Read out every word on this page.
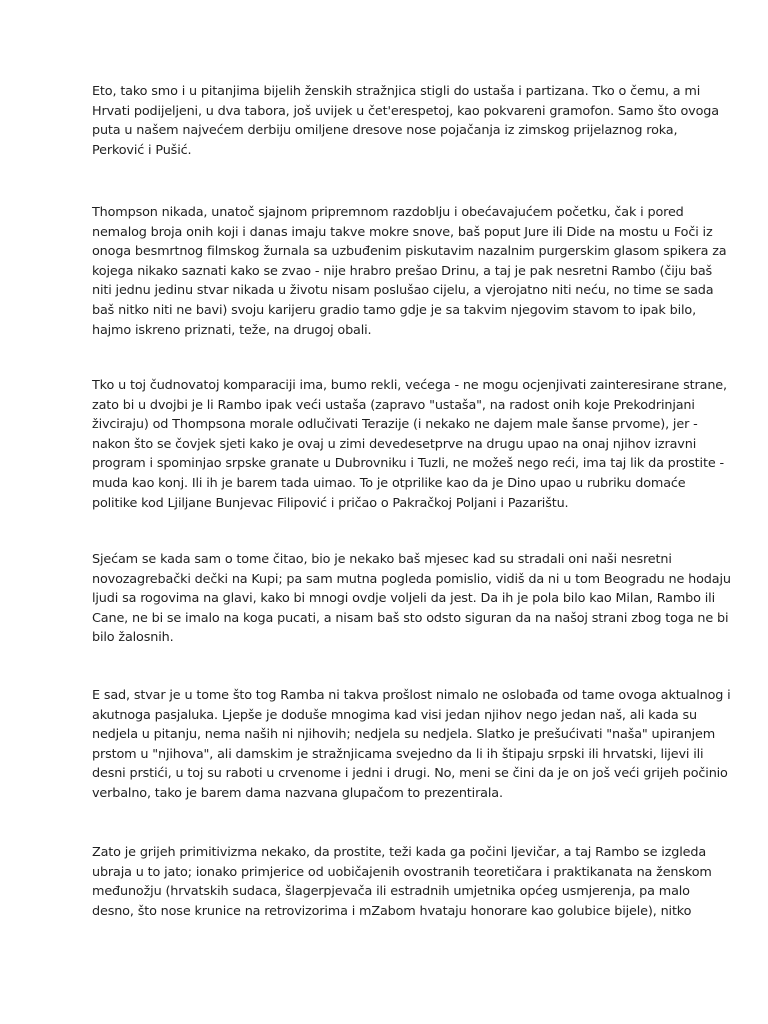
Eto, tako smo i u pitanjima bijelih ženskih stražnjica stigli do ustaša i partizana. Tko o čemu, a mi
Hrvati podijeljeni, u dva tabora, još uvijek u čet'erespetoj, kao pokvareni gramofon. Samo što ovoga
puta u našem najvećem derbiju omiljene dresove nose pojačanja iz zimskog prijelaznog roka,
Perković i Pušić.

Thompson nikada, unatoč sjajnom pripremnom razdoblju i obećavajućem početku, čak i pored
nemalog broja onih koji i danas imaju takve mokre snove, baš poput Jure ili Dide na mostu u Foči iz
onoga besmrtnog filmskog žurnala sa uzbuđenim piskutavim nazalnim purgerskim glasom spikera za
kojega nikako saznati kako se zvao - nije hrabro prešao Drinu, a taj je pak nesretni Rambo (čiju baš
niti jednu jedinu stvar nikada u životu nisam poslušao cijelu, a vjerojatno niti neću, no time se sada
baš nitko niti ne bavi) svoju karijeru gradio tamo gdje je sa takvim njegovim stavom to ipak bilo,
hajmo iskreno priznati, teže, na drugoj obali.

Tko u toj čudnovatoj komparaciji ima, bumo rekli, većega - ne mogu ocjenjivati zainteresirane strane,
zato bi u dvojbi je li Rambo ipak veći ustaša (zapravo "ustaša", na radost onih koje Prekodrinjani
živciraju) od Thompsona morale odlučivati Terazije (i nekako ne dajem male šanse prvome), jer -
nakon što se čovjek sjeti kako je ovaj u zimi devedesetprve na drugu upao na onaj njihov izravni
program i spominjao srpske granate u Dubrovniku i Tuzli, ne možeš nego reći, ima taj lik da prostite -
muda kao konj. Ili ih je barem tada uimao. To je otprilike kao da je Dino upao u rubriku domaće
politike kod Ljiljane Bunjevac Filipović i pričao o Pakračkoj Poljani i Pazarištu.

Sjećam se kada sam o tome čitao, bio je nekako baš mjesec kad su stradali oni naši nesretni
novozagrebački dečki na Kupi; pa sam mutna pogleda pomislio, vidiš da ni u tom Beogradu ne hodaju
ljudi sa rogovima na glavi, kako bi mnogi ovdje voljeli da jest. Da ih je pola bilo kao Milan, Rambo ili
Cane, ne bi se imalo na koga pucati, a nisam baš sto odsto siguran da na našoj strani zbog toga ne bi
bilo žalosnih.

E sad, stvar je u tome što tog Ramba ni takva prošlost nimalo ne oslobađa od tame ovoga aktualnog i
akutnoga pasjaluka. Ljepše je doduše mnogima kad visi jedan njihov nego jedan naš, ali kada su
nedjela u pitanju, nema naših ni njihovih; nedjela su nedjela. Slatko je prešućivati "naša" upiranjem
prstom u "njihova", ali damskim je stražnjicama svejedno da li ih štipaju srpski ili hrvatski, lijevi ili
desni prstići, u toj su raboti u crvenome i jedni i drugi. No, meni se čini da je on još veći grijeh počinio
verbalno, tako je barem dama nazvana glupačom to prezentirala.

Zato je grijeh primitivizma nekako, da prostite, teži kada ga počini ljevičar, a taj Rambo se izgleda
ubraja u to jato; ionako primjerice od uobičajenih ovostranih teoretičara i praktikanata na ženskom
međunožju (hrvatskih sudaca, šlagerpjevača ili estradnih umjetnika općeg usmjerenja, pa malo
desno, što nose krunice na retrovizorima i mZabom hvataju honorare kao golubice bijele), nitko
